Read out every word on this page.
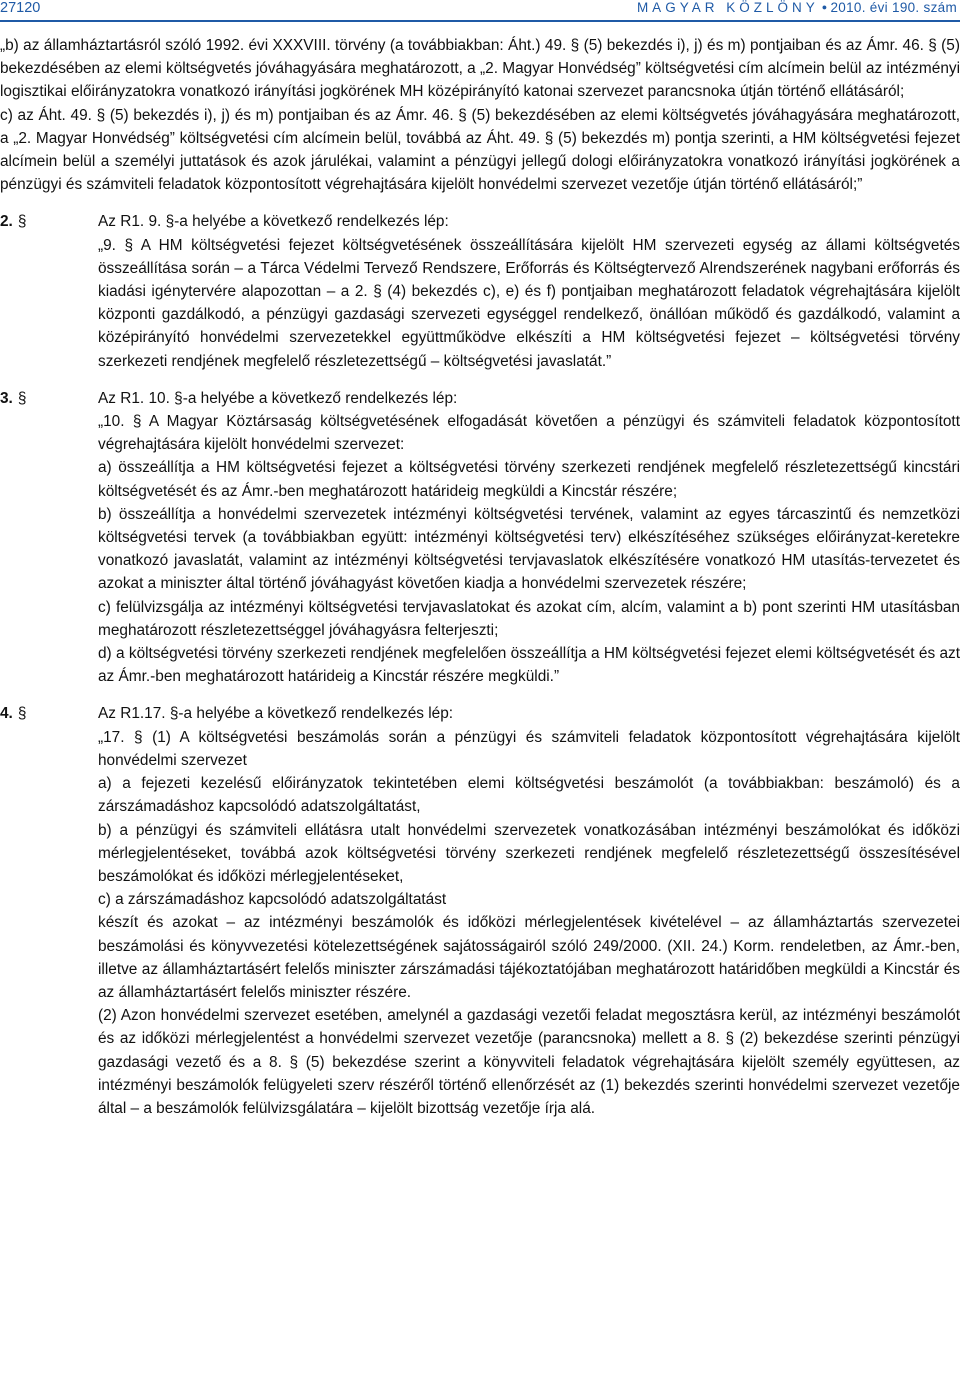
27120	MAGYAR KÖZLÖNY ● 2010. évi 190. szám

„b) az államháztartásról szóló 1992. évi XXXVIII. törvény (a továbbiakban: Áht.) 49. § (5) bekezdés i), j) és m) pontjaiban és az Ámr. 46. § (5) bekezdésében az elemi költségvetés jóváhagyására meghatározott, a „2. Magyar Honvédség” költségvetési cím alcímein belül az intézményi logisztikai előirányzatokra vonatkozó irányítási jogkörének MH középirányító katonai szervezet parancsnoka útján történő ellátásáról;

c) az Áht. 49. § (5) bekezdés i), j) és m) pontjaiban és az Ámr. 46. § (5) bekezdésében az elemi költségvetés jóváhagyására meghatározott, a „2. Magyar Honvédség” költségvetési cím alcímein belül, továbbá az Áht. 49. § (5) bekezdés m) pontja szerinti, a HM költségvetési fejezet alcímein belül a személyi juttatások és azok járulékai, valamint a pénzügyi jellegű dologi előirányzatokra vonatkozó irányítási jogkörének a pénzügyi és számviteli feladatok központosított végrehajtására kijelölt honvédelmi szervezet vezetője útján történő ellátásáról;”

2. §	Az R1. 9. §-a helyébe a következő rendelkezés lép:

„9. § A HM költségvetési fejezet költségvetésének összeállítására kijelölt HM szervezeti egység az állami költségvetés összeállítása során – a Tárca Védelmi Tervező Rendszere, Erőforrás és Költségtervező Alrendszerének nagybani erőforrás és kiadási igénytervére alapozottan – a 2. § (4) bekezdés c), e) és f) pontjaiban meghatározott feladatok végrehajtására kijelölt központi gazdálkodó, a pénzügyi gazdasági szervezeti egységgel rendelkező, önállóan működő és gazdálkodó, valamint a középirányító honvédelmi szervezetekkel együttműködve elkészíti a HM költségvetési fejezet – költségvetési törvény szerkezeti rendjének megfelelő részletezettségű – költségvetési javaslatát.”

3. §	Az R1. 10. §-a helyébe a következő rendelkezés lép:

„10. § A Magyar Köztársaság költségvetésének elfogadását követően a pénzügyi és számviteli feladatok központosított végrehajtására kijelölt honvédelmi szervezet:

a) összeállítja a HM költségvetési fejezet a költségvetési törvény szerkezeti rendjének megfelelő részletezettségű kincstári költségvetését és az Ámr.-ben meghatározott határideig megküldi a Kincstár részére;

b) összeállítja a honvédelmi szervezetek intézményi költségvetési tervének, valamint az egyes tárcaszintű és nemzetközi költségvetési tervek (a továbbiakban együtt: intézményi költségvetési terv) elkészítéséhez szükséges előirányzat-keretekre vonatkozó javaslatát, valamint az intézményi költségvetési tervjavaslatok elkészítésére vonatkozó HM utasítás-tervezetet és azokat a miniszter által történő jóváhagyást követően kiadja a honvédelmi szervezetek részére;

c) felülvizsgálja az intézményi költségvetési tervjavaslatokat és azokat cím, alcím, valamint a b) pont szerinti HM utasításban meghatározott részletezettséggel jóváhagyásra felterjeszti;

d) a költségvetési törvény szerkezeti rendjének megfelelően összeállítja a HM költségvetési fejezet elemi költségvetését és azt az Ámr.-ben meghatározott határideig a Kincstár részére megküldi.”

4. §	Az R1.17. §-a helyébe a következő rendelkezés lép:

„17. § (1) A költségvetési beszámolás során a pénzügyi és számviteli feladatok központosított végrehajtására kijelölt honvédelmi szervezet

a) a fejezeti kezelésű előirányzatok tekintetében elemi költségvetési beszámolót (a továbbiakban: beszámoló) és a zárszámadáshoz kapcsolódó adatszolgáltatást,

b) a pénzügyi és számviteli ellátásra utalt honvédelmi szervezetek vonatkozásában intézményi beszámolókat és időközi mérlegjelentéseket, továbbá azok költségvetési törvény szerkezeti rendjének megfelelő részletezettségű összesítésével beszámolókat és időközi mérlegjelentéseket,

c) a zárszámadáshoz kapcsolódó adatszolgáltatást

készít és azokat – az intézményi beszámolók és időközi mérlegjelentések kivételével – az államháztartás szervezetei beszámolási és könyvvezetési kötelezettségének sajátosságairól szóló 249/2000. (XII. 24.) Korm. rendeletben, az Ámr.-ben, illetve az államháztartásért felelős miniszter zárszámadási tájékoztatójában meghatározott határidőben megküldi a Kincstár és az államháztartásért felelős miniszter részére.

(2) Azon honvédelmi szervezet esetében, amelynél a gazdasági vezetői feladat megosztásra kerül, az intézményi beszámolót és az időközi mérlegjelentést a honvédelmi szervezet vezetője (parancsnoka) mellett a 8. § (2) bekezdése szerinti pénzügyi gazdasági vezető és a 8. § (5) bekezdése szerint a könyvviteli feladatok végrehajtására kijelölt személy együttesen, az intézményi beszámolók felügyeleti szerv részéről történő ellenőrzését az (1) bekezdés szerinti honvédelmi szervezet vezetője által – a beszámolók felülvizsgálatára – kijelölt bizottság vezetője írja alá.
